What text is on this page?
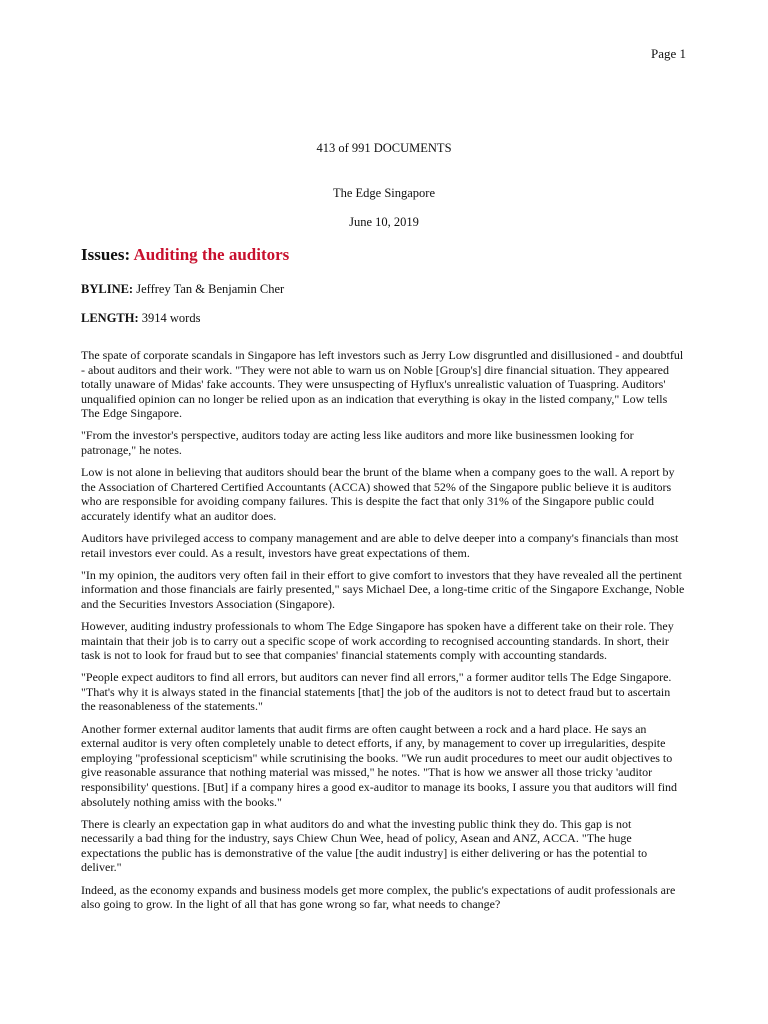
Page 1
413 of 991 DOCUMENTS
The Edge Singapore
June 10, 2019
Issues: Auditing the auditors
BYLINE: Jeffrey Tan & Benjamin Cher
LENGTH: 3914 words

The spate of corporate scandals in Singapore has left investors such as Jerry Low disgruntled and disillusioned - and doubtful - about auditors and their work. "They were not able to warn us on Noble [Group's] dire financial situation. They appeared totally unaware of Midas' fake accounts. They were unsuspecting of Hyflux's unrealistic valuation of Tuaspring. Auditors' unqualified opinion can no longer be relied upon as an indication that everything is okay in the listed company," Low tells The Edge Singapore.

"From the investor's perspective, auditors today are acting less like auditors and more like businessmen looking for patronage," he notes.

Low is not alone in believing that auditors should bear the brunt of the blame when a company goes to the wall. A report by the Association of Chartered Certified Accountants (ACCA) showed that 52% of the Singapore public believe it is auditors who are responsible for avoiding company failures. This is despite the fact that only 31% of the Singapore public could accurately identify what an auditor does.

Auditors have privileged access to company management and are able to delve deeper into a company's financials than most retail investors ever could. As a result, investors have great expectations of them.

"In my opinion, the auditors very often fail in their effort to give comfort to investors that they have revealed all the pertinent information and those financials are fairly presented," says Michael Dee, a long-time critic of the Singapore Exchange, Noble and the Securities Investors Association (Singapore).

However, auditing industry professionals to whom The Edge Singapore has spoken have a different take on their role. They maintain that their job is to carry out a specific scope of work according to recognised accounting standards. In short, their task is not to look for fraud but to see that companies' financial statements comply with accounting standards.

"People expect auditors to find all errors, but auditors can never find all errors," a former auditor tells The Edge Singapore. "That's why it is always stated in the financial statements [that] the job of the auditors is not to detect fraud but to ascertain the reasonableness of the statements."

Another former external auditor laments that audit firms are often caught between a rock and a hard place. He says an external auditor is very often completely unable to detect efforts, if any, by management to cover up irregularities, despite employing "professional scepticism" while scrutinising the books. "We run audit procedures to meet our audit objectives to give reasonable assurance that nothing material was missed," he notes. "That is how we answer all those tricky 'auditor responsibility' questions. [But] if a company hires a good ex-auditor to manage its books, I assure you that auditors will find absolutely nothing amiss with the books."

There is clearly an expectation gap in what auditors do and what the investing public think they do. This gap is not necessarily a bad thing for the industry, says Chiew Chun Wee, head of policy, Asean and ANZ, ACCA. "The huge expectations the public has is demonstrative of the value [the audit industry] is either delivering or has the potential to deliver."

Indeed, as the economy expands and business models get more complex, the public's expectations of audit professionals are also going to grow. In the light of all that has gone wrong so far, what needs to change?
